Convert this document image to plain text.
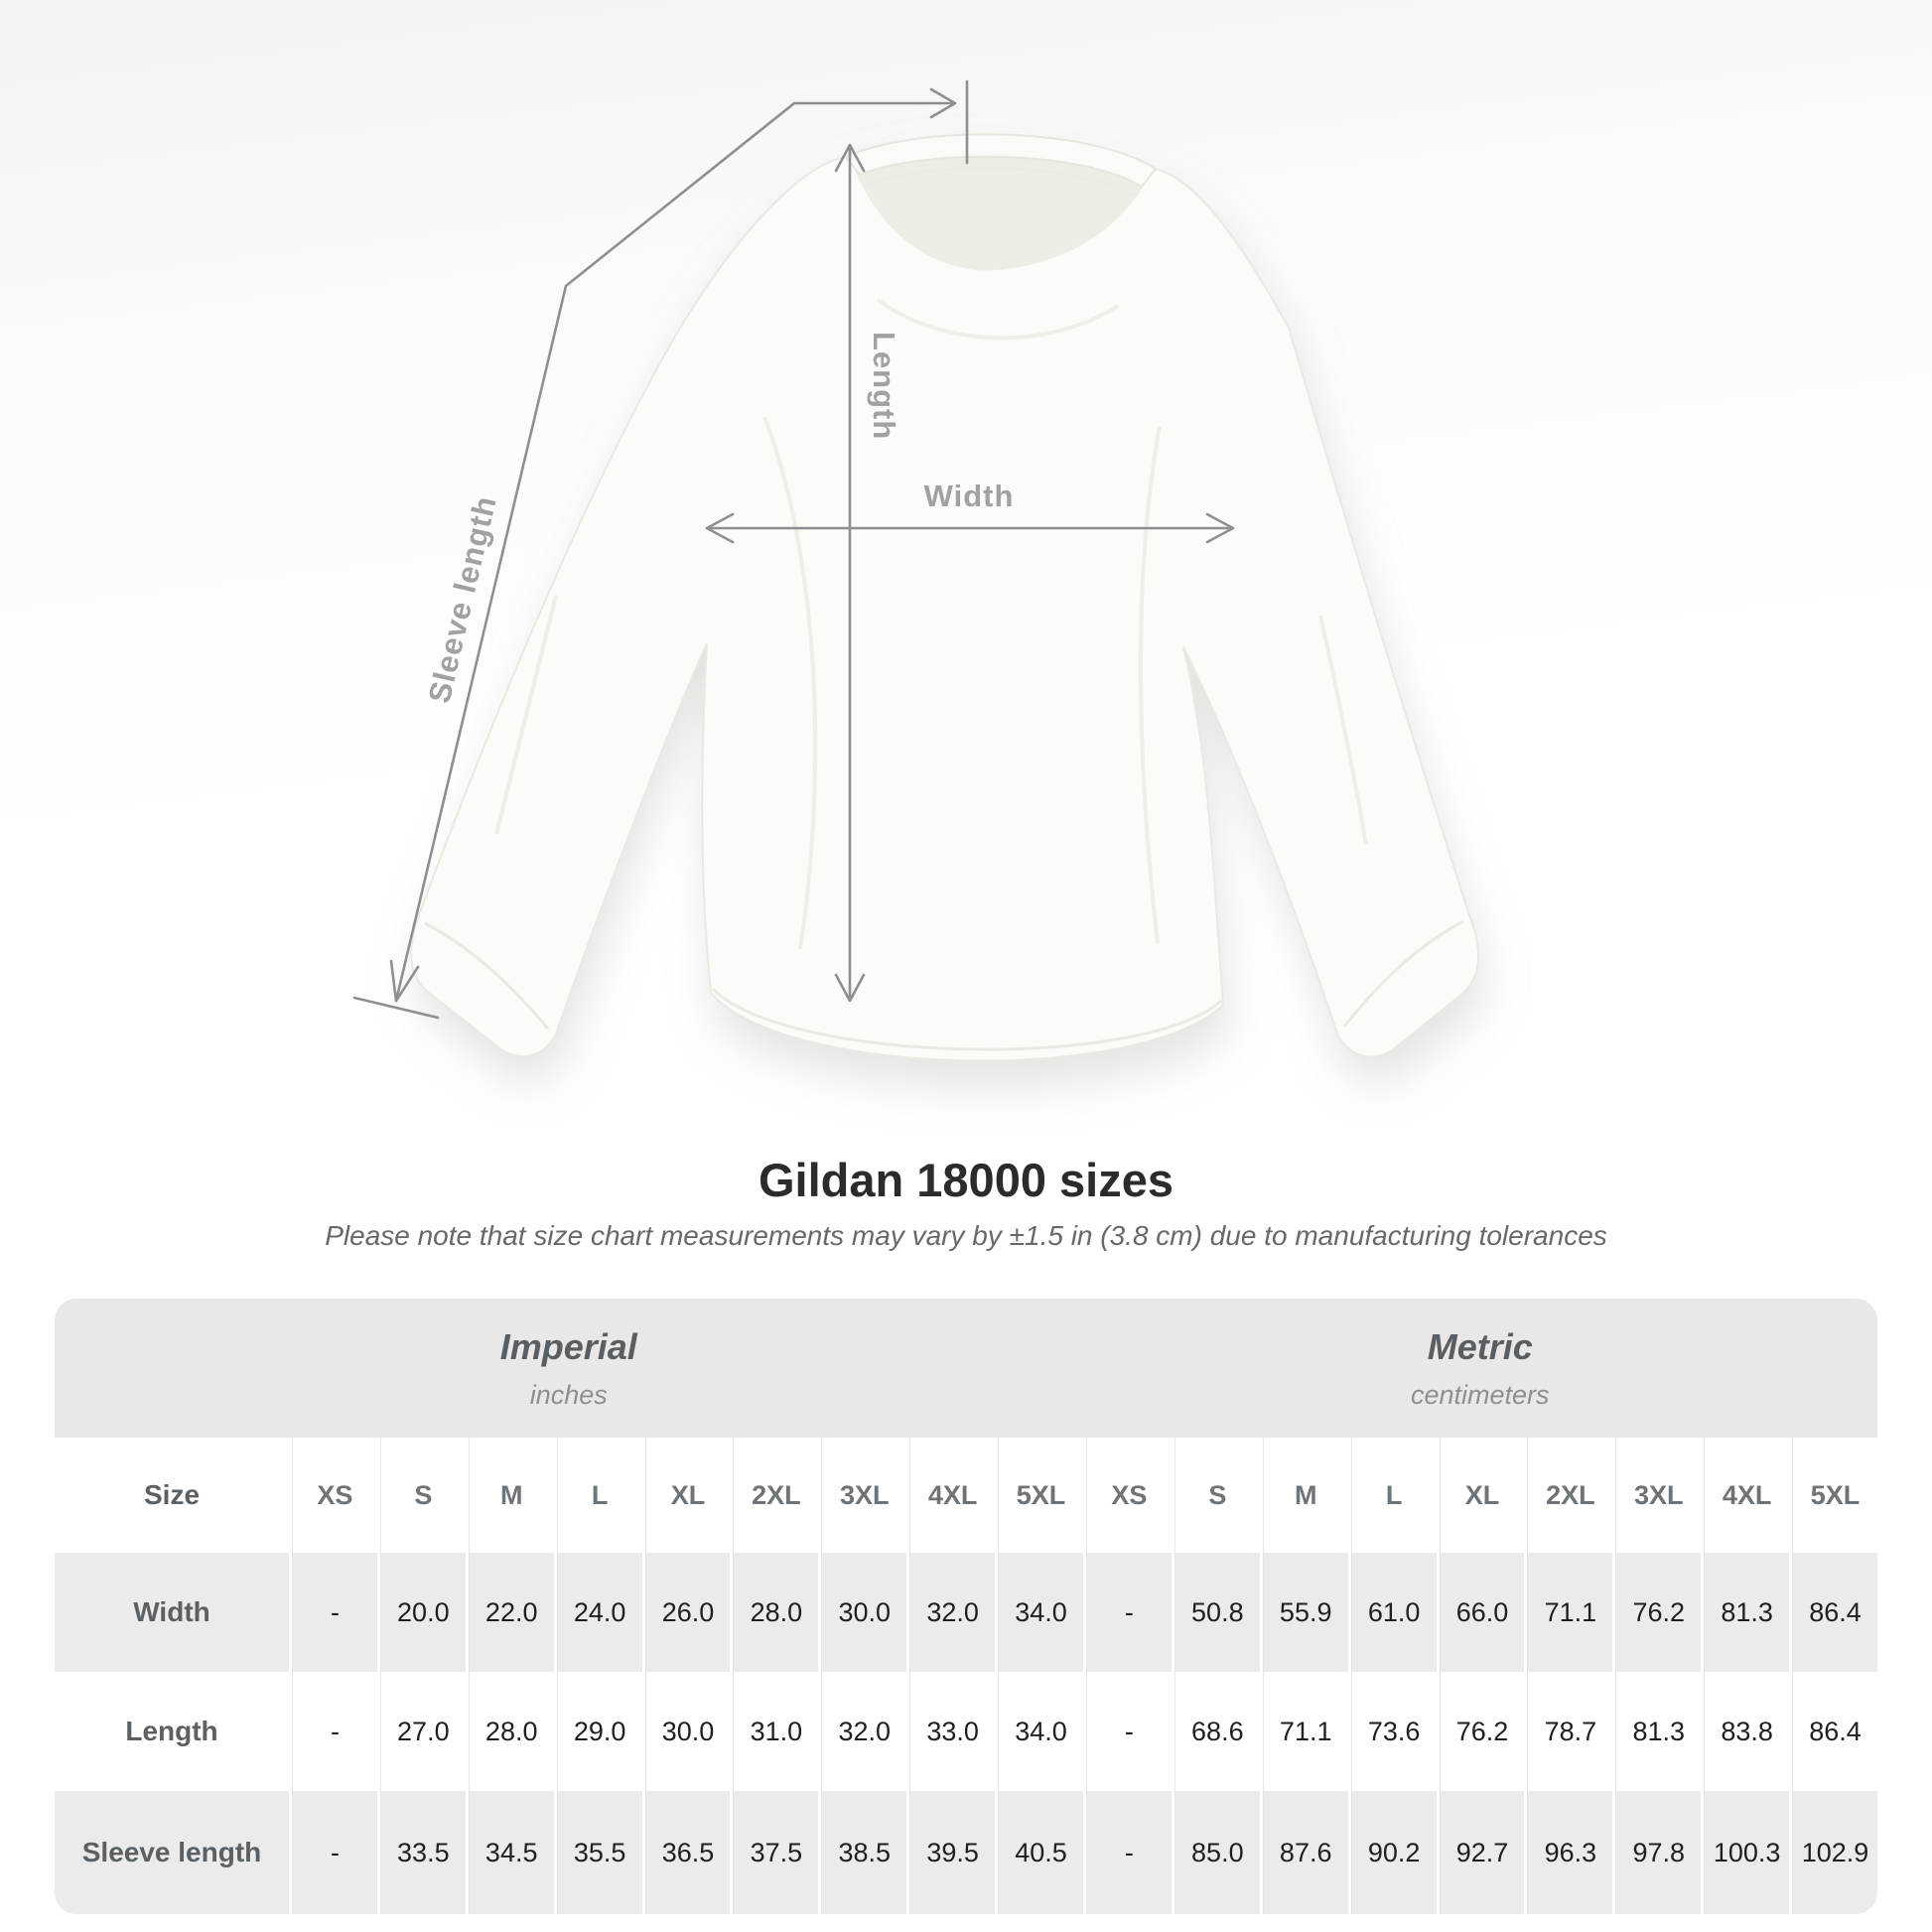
Length
Width
Sleeve length
Gildan 18000 sizes
Please note that size chart measurements may vary by ±1.5 in (3.8 cm) due to manufacturing tolerances
Imperial
inches
Metric
centimeters
Size	XS	S	M	L	XL	2XL	3XL	4XL	5XL	XS	S	M	L	XL	2XL	3XL	4XL	5XL
Width	-	20.0	22.0	24.0	26.0	28.0	30.0	32.0	34.0	-	50.8	55.9	61.0	66.0	71.1	76.2	81.3	86.4
Length	-	27.0	28.0	29.0	30.0	31.0	32.0	33.0	34.0	-	68.6	71.1	73.6	76.2	78.7	81.3	83.8	86.4
Sleeve length	-	33.5	34.5	35.5	36.5	37.5	38.5	39.5	40.5	-	85.0	87.6	90.2	92.7	96.3	97.8	100.3 102.9
